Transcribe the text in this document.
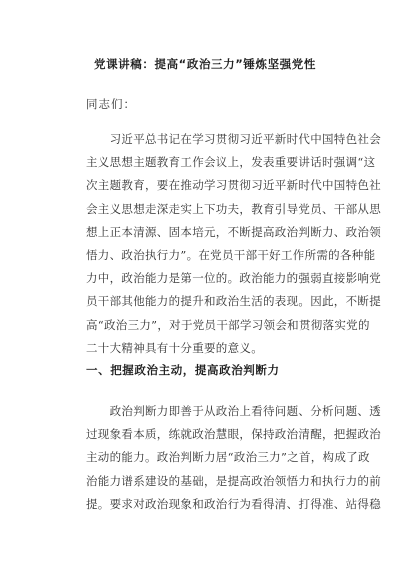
党课讲稿：提高“政治三力”锤炼坚强党性
同志们：
　　习近平总书记在学习贯彻习近平新时代中国特色社会
主义思想主题教育工作会议上，发表重要讲话时强调“这
次主题教育，要在推动学习贯彻习近平新时代中国特色社
会主义思想走深走实上下功夫，教育引导党员、干部从思
想上正本清源、固本培元，不断提高政治判断力、政治领
悟力、政治执行力”。在党员干部干好工作所需的各种能
力中，政治能力是第一位的。政治能力的强弱直接影响党
员干部其他能力的提升和政治生活的表现。因此，不断提
高“政治三力”，对于党员干部学习领会和贯彻落实党的
二十大精神具有十分重要的意义。
一、把握政治主动，提高政治判断力
　　政治判断力即善于从政治上看待问题、分析问题、透
过现象看本质，练就政治慧眼，保持政治清醒，把握政治
主动的能力。政治判断力居“政治三力”之首，构成了政
治能力谱系建设的基础，是提高政治领悟力和执行力的前
提。要求对政治现象和政治行为看得清、打得准、站得稳
